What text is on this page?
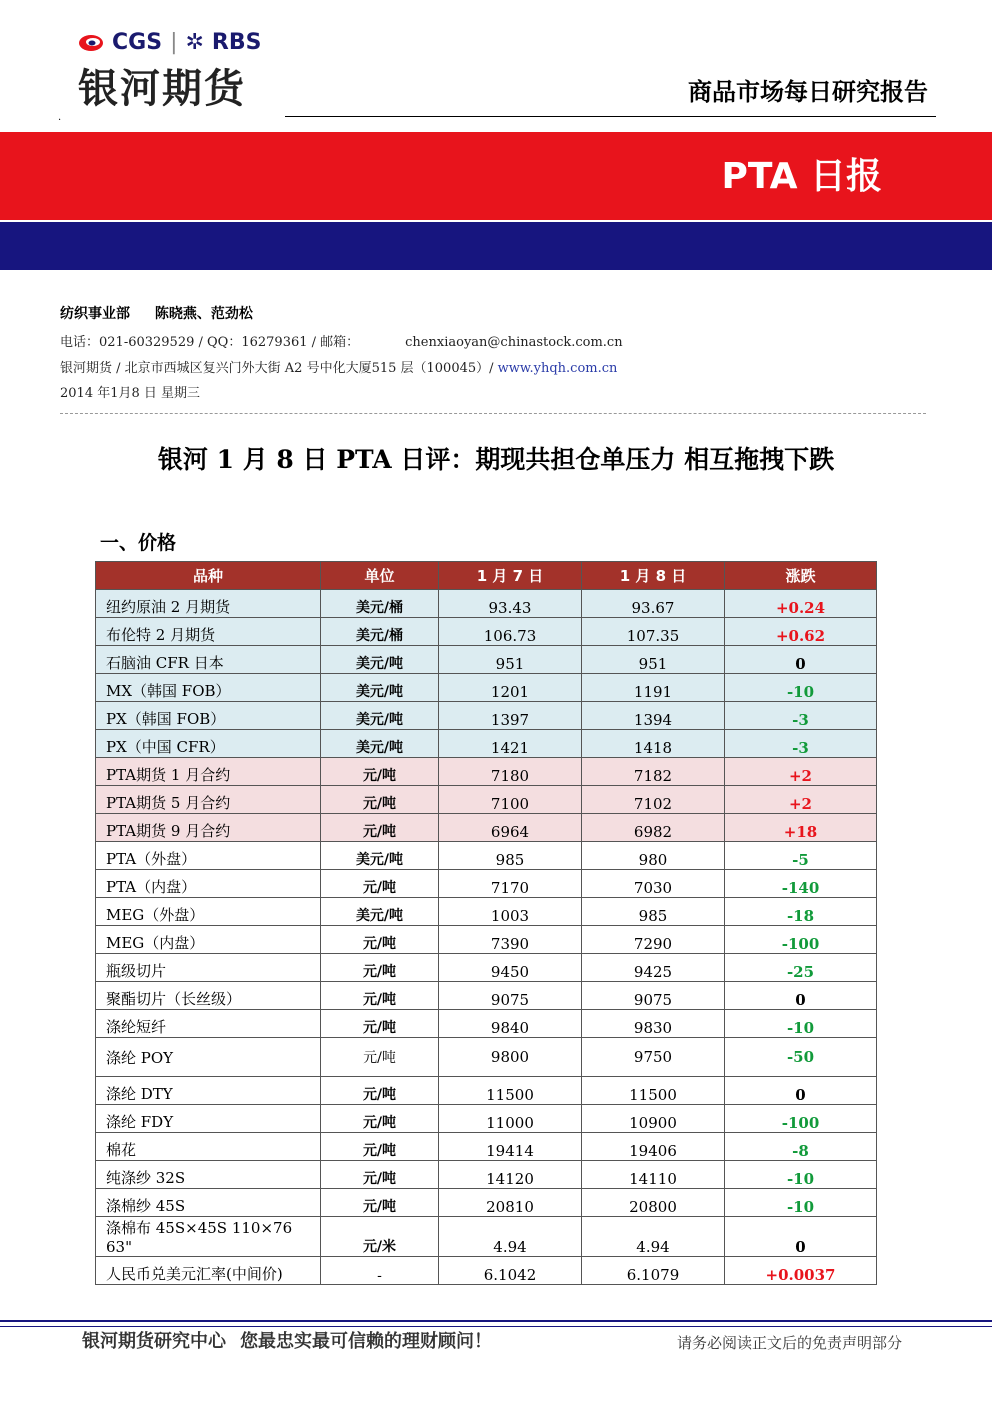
CGS | ✲ RBS
银河期货
.
商品市场每日研究报告
PTA 日报
纺织事业部 陈晓燕、范劲松
电话：021-60329529 / QQ：16279361 / 邮箱：	chenxiaoyan@chinastock.com.cn
银河期货 / 北京市西城区复兴门外大街 A2 号中化大厦515 层（100045）/ www.yhqh.com.cn
2014 年1月8 日 星期三
银河 1 月 8 日 PTA 日评：期现共担仓单压力 相互拖拽下跌
一、价格
品种	单位	1 月 7 日	1 月 8 日	涨跌
纽约原油 2 月期货	美元/桶	93.43	93.67	+0.24
布伦特 2 月期货	美元/桶	106.73	107.35	+0.62
石脑油 CFR 日本	美元/吨	951	951	0
MX（韩国 FOB）	美元/吨	1201	1191	-10
PX（韩国 FOB）	美元/吨	1397	1394	-3
PX（中国 CFR）	美元/吨	1421	1418	-3
PTA期货 1 月合约	元/吨	7180	7182	+2
PTA期货 5 月合约	元/吨	7100	7102	+2
PTA期货 9 月合约	元/吨	6964	6982	+18
PTA（外盘）	美元/吨	985	980	-5
PTA（内盘）	元/吨	7170	7030	-140
MEG（外盘）	美元/吨	1003	985	-18
MEG（内盘）	元/吨	7390	7290	-100
瓶级切片	元/吨	9450	9425	-25
聚酯切片（长丝级）	元/吨	9075	9075	0
涤纶短纤	元/吨	9840	9830	-10
涤纶 POY	元/吨	9800	9750	-50
涤纶 DTY	元/吨	11500	11500	0
涤纶 FDY	元/吨	11000	10900	-100
棉花	元/吨	19414	19406	-8
纯涤纱 32S	元/吨	14120	14110	-10
涤棉纱 45S	元/吨	20810	20800	-10
涤棉布 45S×45S 110×76 63"	元/米	4.94	4.94	0
人民币兑美元汇率(中间价)	-	6.1042	6.1079	+0.0037
银河期货研究中心 您最忠实最可信赖的理财顾问！	请务必阅读正文后的免责声明部分
